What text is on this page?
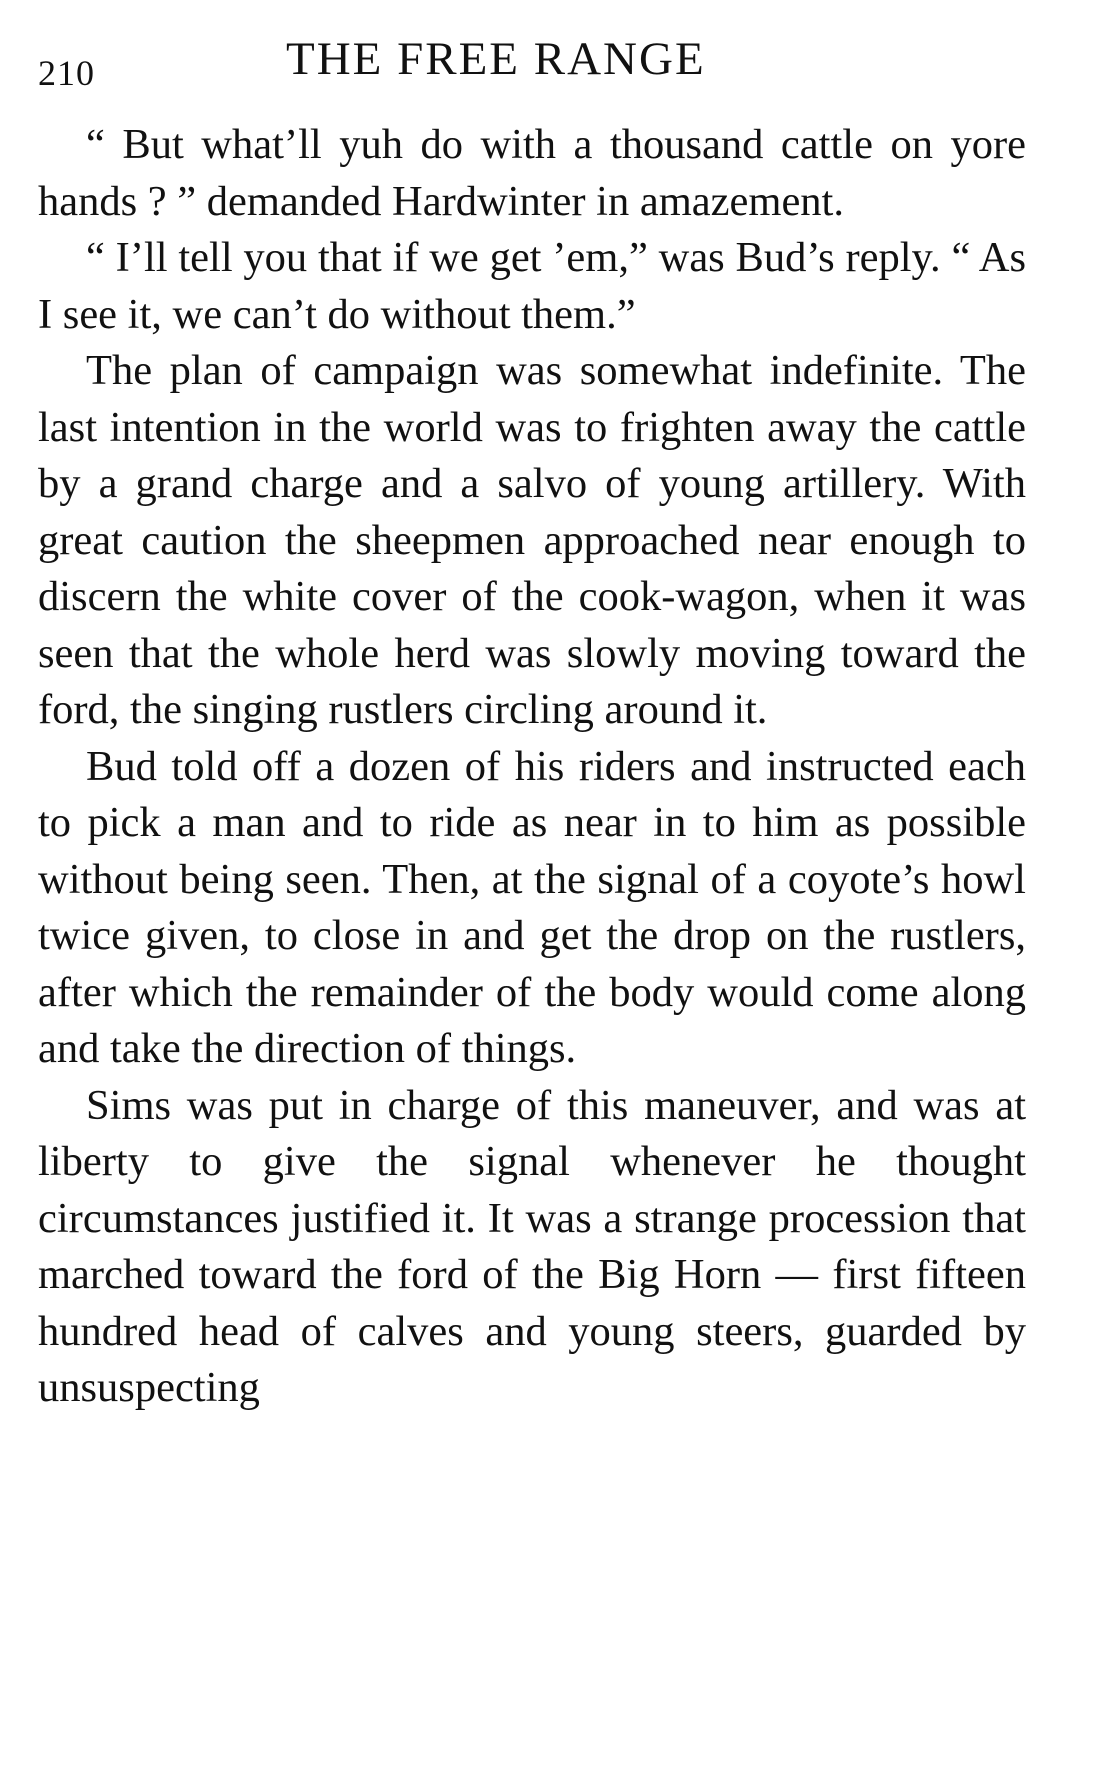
210	THE FREE RANGE

“ But what’ll yuh do with a thousand cattle on yore hands ? ” demanded Hardwinter in amazement.

“ I’ll tell you that if we get ’em,” was Bud’s reply. “ As I see it, we can’t do without them.”

The plan of campaign was somewhat indefinite. The last intention in the world was to frighten away the cattle by a grand charge and a salvo of young artillery. With great caution the sheepmen approached near enough to discern the white cover of the cook-wagon, when it was seen that the whole herd was slowly moving toward the ford, the singing rustlers circling around it.

Bud told off a dozen of his riders and instructed each to pick a man and to ride as near in to him as possible without being seen. Then, at the signal of a coyote’s howl twice given, to close in and get the drop on the rustlers, after which the remainder of the body would come along and take the direction of things.

Sims was put in charge of this maneuver, and was at liberty to give the signal whenever he thought circumstances justified it. It was a strange procession that marched toward the ford of the Big Horn — first fifteen hundred head of calves and young steers, guarded by unsuspecting
